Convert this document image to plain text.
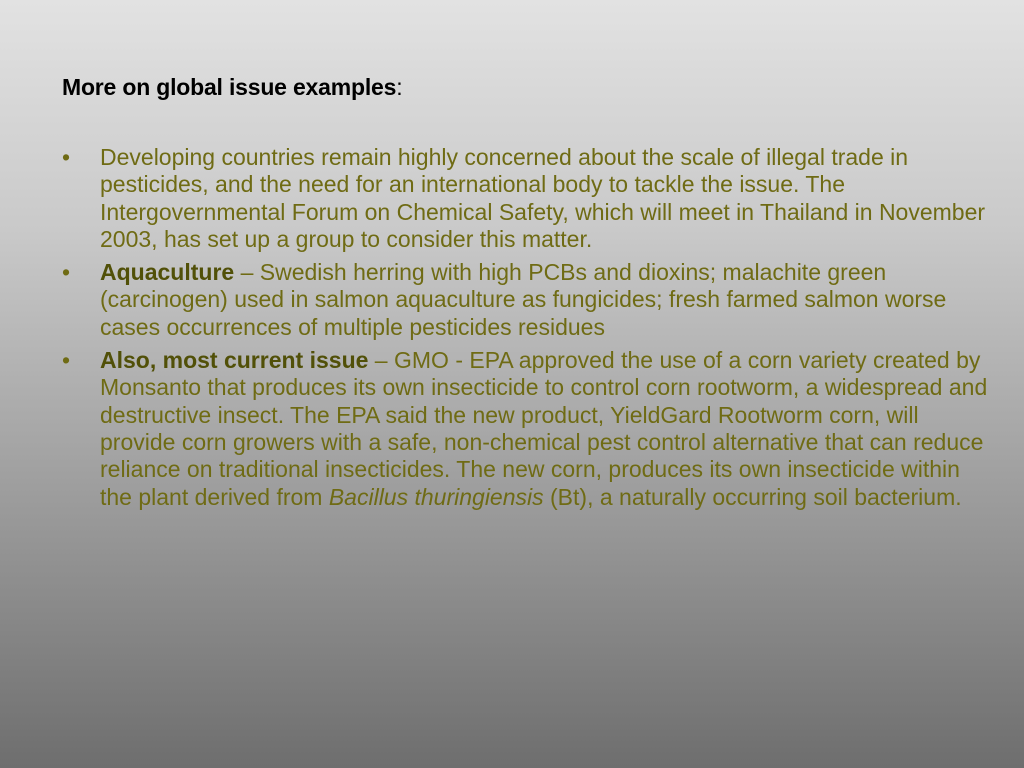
More on global issue examples:
• Developing countries remain highly concerned about the scale of illegal trade in pesticides, and the need for an international body to tackle the issue. The Intergovernmental Forum on Chemical Safety, which will meet in Thailand in November 2003, has set up a group to consider this matter.
• Aquaculture – Swedish herring with high PCBs and dioxins; malachite green (carcinogen) used in salmon aquaculture as fungicides; fresh farmed salmon worse cases occurrences of multiple pesticides residues
• Also, most current issue – GMO - EPA approved the use of a corn variety created by Monsanto that produces its own insecticide to control corn rootworm, a widespread and destructive insect. The EPA said the new product, YieldGard Rootworm corn, will provide corn growers with a safe, non-chemical pest control alternative that can reduce reliance on traditional insecticides. The new corn, produces its own insecticide within the plant derived from Bacillus thuringiensis (Bt), a naturally occurring soil bacterium.
